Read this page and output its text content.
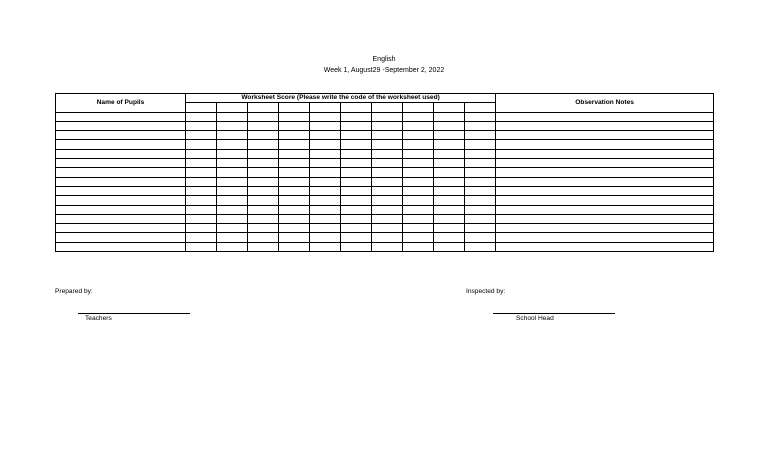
English
Week 1, August29 -September 2, 2022
Name of Pupils	Worksheet Score (Please write the code of the worksheet used)										Observation Notes

Prepared by:
Teachers
Inspected by:
School Head
